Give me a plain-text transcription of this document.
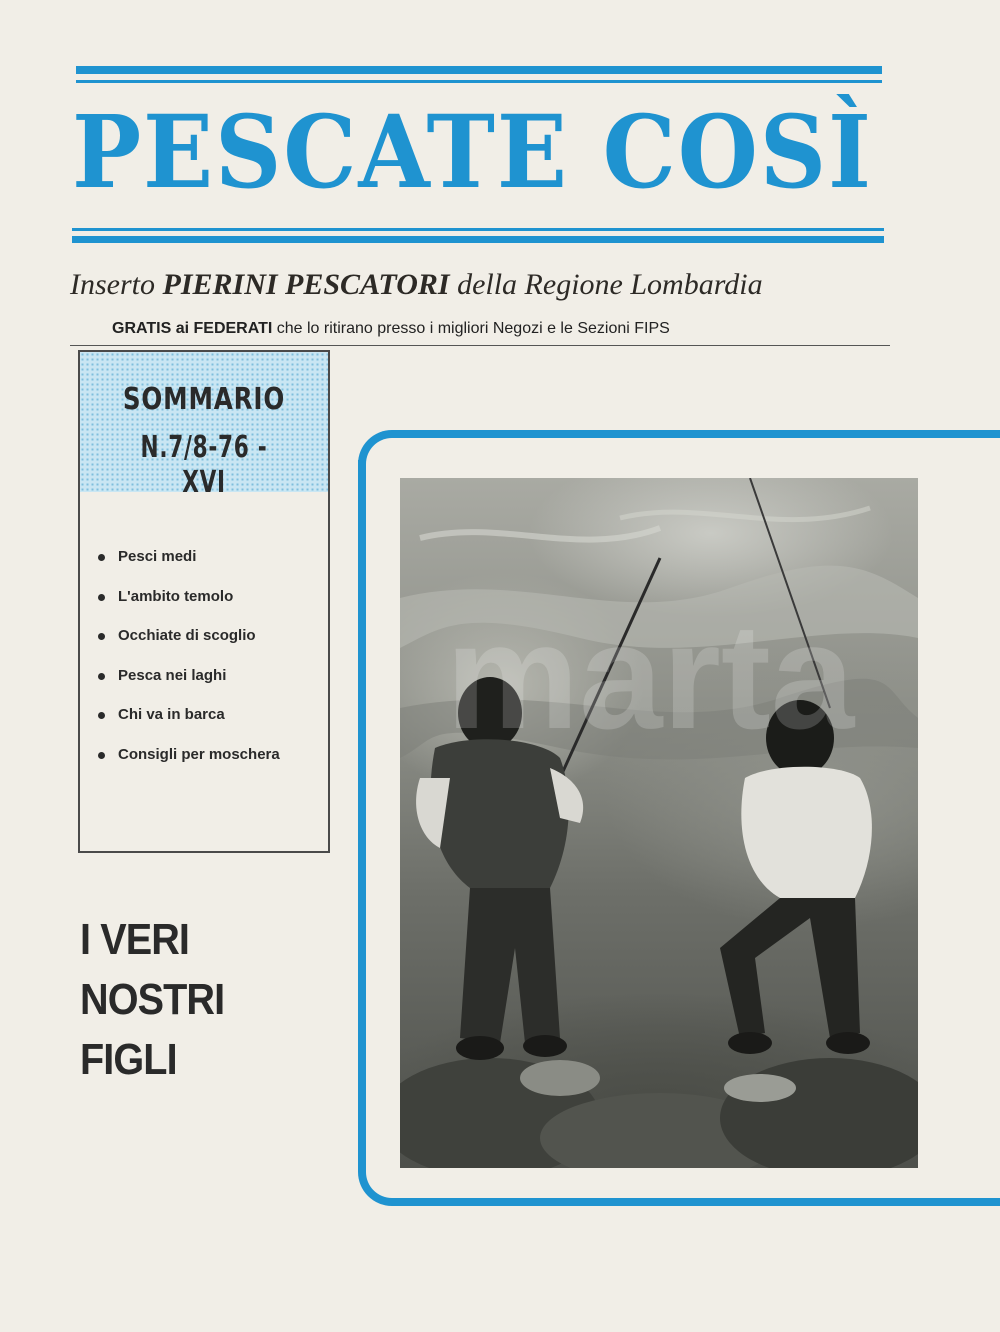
PESCATE COSÌ

Inserto PIERINI PESCATORI della Regione Lombardia

GRATIS ai FEDERATI che lo ritirano presso i migliori Negozi e le Sezioni FIPS

SOMMARIO

N.7/8-76 - XVI

Pesci medi
L'ambito temolo
Occhiate di scoglio
Pesca nei laghi
Chi va in barca
Consigli per moschera
I VERI
NOSTRI
FIGLI
marta
